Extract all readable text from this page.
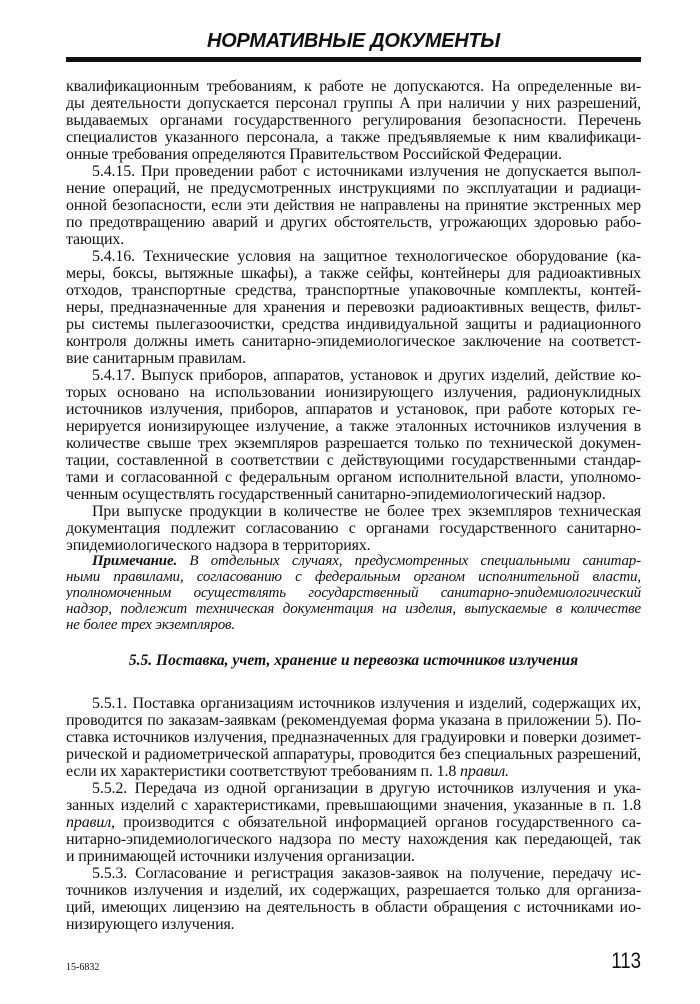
НОРМАТИВНЫЕ ДОКУМЕНТЫ
квалификационным требованиям, к работе не допускаются. На определенные ви-
ды деятельности допускается персонал группы А при наличии у них разрешений,
выдаваемых органами государственного регулирования безопасности. Перечень
специалистов указанного персонала, а также предъявляемые к ним квалификаци-
онные требования определяются Правительством Российской Федерации.
5.4.15. При проведении работ с источниками излучения не допускается выпол-
нение операций, не предусмотренных инструкциями по эксплуатации и радиаци-
онной безопасности, если эти действия не направлены на принятие экстренных мер
по предотвращению аварий и других обстоятельств, угрожающих здоровью рабо-
тающих.
5.4.16. Технические условия на защитное технологическое оборудование (ка-
меры, боксы, вытяжные шкафы), а также сейфы, контейнеры для радиоактивных
отходов, транспортные средства, транспортные упаковочные комплекты, контей-
неры, предназначенные для хранения и перевозки радиоактивных веществ, фильт-
ры системы пылегазоочистки, средства индивидуальной защиты и радиационного
контроля должны иметь санитарно-эпидемиологическое заключение на соответст-
вие санитарным правилам.
5.4.17. Выпуск приборов, аппаратов, установок и других изделий, действие ко-
торых основано на использовании ионизирующего излучения, радионуклидных
источников излучения, приборов, аппаратов и установок, при работе которых ге-
нерируется ионизирующее излучение, а также эталонных источников излучения в
количестве свыше трех экземпляров разрешается только по технической докумен-
тации, составленной в соответствии с действующими государственными стандар-
тами и согласованной с федеральным органом исполнительной власти, уполномо-
ченным осуществлять государственный санитарно-эпидемиологический надзор.
При выпуске продукции в количестве не более трех экземпляров техническая
документация подлежит согласованию с органами государственного санитарно-
эпидемиологического надзора в территориях.
Примечание. В отдельных случаях, предусмотренных специальными санитар-
ными правилами, согласованию с федеральным органом исполнительной власти,
уполномоченным осуществлять государственный санитарно-эпидемиологический
надзор, подлежит техническая документация на изделия, выпускаемые в количестве
не более трех экземпляров.
5.5. Поставка, учет, хранение и перевозка источников излучения
5.5.1. Поставка организациям источников излучения и изделий, содержащих их,
проводится по заказам-заявкам (рекомендуемая форма указана в приложении 5). По-
ставка источников излучения, предназначенных для градуировки и поверки дозимет-
рической и радиометрической аппаратуры, проводится без специальных разрешений,
если их характеристики соответствуют требованиям п. 1.8 правил.
5.5.2. Передача из одной организации в другую источников излучения и ука-
занных изделий с характеристиками, превышающими значения, указанные в п. 1.8
правил, производится с обязательной информацией органов государственного са-
нитарно-эпидемиологического надзора по месту нахождения как передающей, так
и принимающей источники излучения организации.
5.5.3. Согласование и регистрация заказов-заявок на получение, передачу ис-
точников излучения и изделий, их содержащих, разрешается только для организа-
ций, имеющих лицензию на деятельность в области обращения с источниками ио-
низирующего излучения.
15-6832	113
